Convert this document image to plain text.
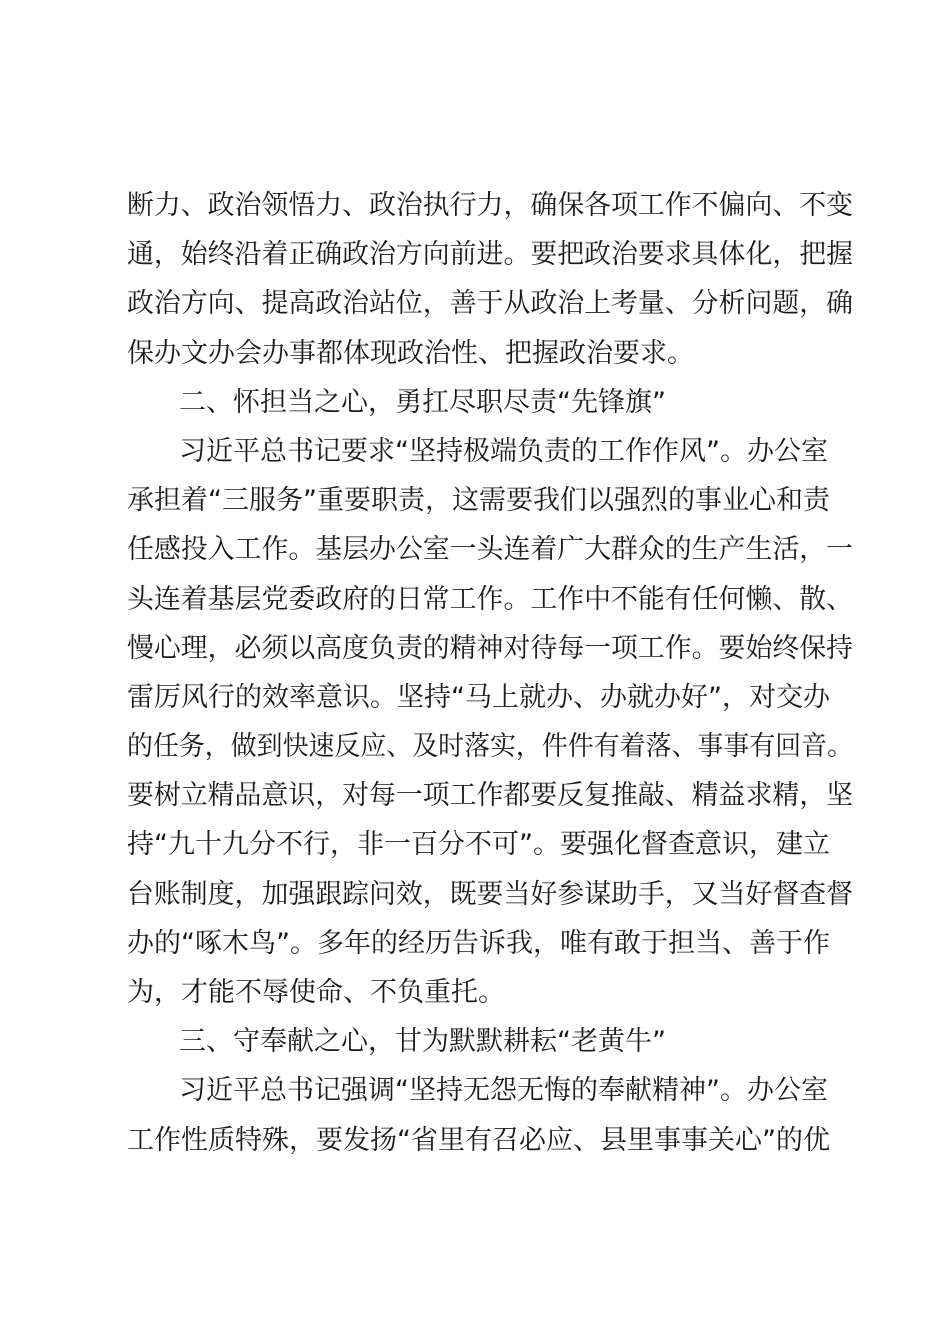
断力、政治领悟力、政治执行力，确保各项工作不偏向、不变
通，始终沿着正确政治方向前进。要把政治要求具体化，把握
政治方向、提高政治站位，善于从政治上考量、分析问题，确
保办文办会办事都体现政治性、把握政治要求。
二、怀担当之心，勇扛尽职尽责“先锋旗”
习近平总书记要求“坚持极端负责的工作作风”。办公室
承担着“三服务”重要职责，这需要我们以强烈的事业心和责
任感投入工作。基层办公室一头连着广大群众的生产生活，一
头连着基层党委政府的日常工作。工作中不能有任何懒、散、
慢心理，必须以高度负责的精神对待每一项工作。要始终保持
雷厉风行的效率意识。坚持“马上就办、办就办好”，对交办
的任务，做到快速反应、及时落实，件件有着落、事事有回音。
要树立精品意识，对每一项工作都要反复推敲、精益求精，坚
持“九十九分不行，非一百分不可”。要强化督查意识，建立
台账制度，加强跟踪问效，既要当好参谋助手，又当好督查督
办的“啄木鸟”。多年的经历告诉我，唯有敢于担当、善于作
为，才能不辱使命、不负重托。
三、守奉献之心，甘为默默耕耘“老黄牛”
习近平总书记强调“坚持无怨无悔的奉献精神”。办公室
工作性质特殊，要发扬“省里有召必应、县里事事关心”的优
